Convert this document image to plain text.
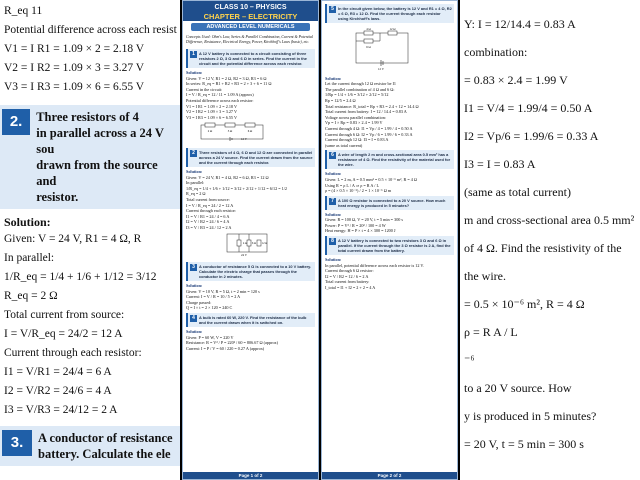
R_eq 11
Potential difference across each resist
V1 = I R1 = 1.09 × 2 = 2.18 V
V2 = I R2 = 1.09 × 3 = 3.27 V
V3 = I R3 = 1.09 × 6 = 6.55 V
2.	Three resistors of 4
in parallel across a 24 V sou
drawn from the source and
resistor.
Solution:
Given: V = 24 V, R1 = 4 Ω, R
In parallel:
1/R_eq = 1/4 + 1/6 + 1/12 = 3/12
R_eq = 2 Ω
Total current from source:
I = V/R_eq = 24/2 = 12 A
Current through each resistor:
I1 = V/R1 = 24/4 = 6 A
I2 = V/R2 = 24/6 = 4 A
I3 = V/R3 = 24/12 = 2 A
3.	A conductor of resistance
battery. Calculate the ele
CLASS 10 – PHYSICS
CHAPTER – ELECTRICITY
ADVANCED LEVEL NUMERICALS
Concepts Used: Ohm's Law, Series & Parallel Combination, Current & Potential Difference, Resistance, Electrical Energy, Power, Kirchhoff's Laws (basic), etc.
1	A 12 V battery is connected to a circuit consisting of three resistors 2 Ω, 3 Ω and 6 Ω in series. Find the current in the circuit and the potential difference across each resistor.
Solution:
Given: V = 12 V, R1 = 2 Ω, R2 = 3 Ω, R3 = 6 Ω
In series: R_eq = R1 + R2 + R3 = 2 + 3 + 6 = 11 Ω
Current in the circuit:
I = V / R_eq = 12 / 11 = 1.09 A (approx)
Potential difference across each resistor:
V1 = I R1 = 1.09 × 2 = 2.18 V
V2 = I R2 = 1.09 × 3 = 3.27 V
V3 = I R3 = 1.09 × 6 = 6.55 V
2 Ω	3 Ω	6 Ω
12 V
2	Three resistors of 4 Ω, 6 Ω and 12 Ω are connected in parallel across a 24 V source. Find the current drawn from the source and the current through each resistor.
Solution:
Given: V = 24 V, R1 = 4 Ω, R2 = 6 Ω, R3 = 12 Ω
In parallel:
1/R_eq = 1/4 + 1/6 + 1/12 = 3/12 + 2/12 + 1/12 = 6/12 = 1/2
R_eq = 2 Ω
Total current from source:
I = V / R_eq = 24 / 2 = 12 A
Current through each resistor:
I1 = V / R1 = 24 / 4 = 6 A
I2 = V / R2 = 24 / 6 = 4 A
I3 = V / R3 = 24 / 12 = 2 A
4 Ω 6 Ω 12 Ω
24 V
3	A conductor of resistance 5 Ω is connected to a 10 V battery. Calculate the electric charge that passes through the conductor in 2 minutes.
Solution:
Given: V = 10 V, R = 5 Ω, t = 2 min = 120 s
Current: I = V / R = 10 / 5 = 2 A
Charge passed:
Q = I × t = 2 × 120 = 240 C
4	A bulb is rated 60 W, 220 V. Find the resistance of the bulb and the current drawn when it is switched on.
Solution:
Given: P = 60 W, V = 220 V
Resistance: R = V² / P = 220² / 60 = 806.67 Ω (approx)
Current: I = P / V = 60 / 220 = 0.27 A (approx)
Page 1 of 2
5	In the circuit given below, the battery is 12 V and R1 = 4 Ω, R2 = 6 Ω, R3 = 12 Ω. Find the current through each resistor using Kirchhoff's laws.
4 Ω
6 Ω
12 Ω
12 V
Solution:
Let the current through 12 Ω resistor be I1
The parallel combination of 4 Ω and 6 Ω:
1/Rp = 1/4 + 1/6 = 3/12 + 2/12 = 5/12
Rp = 12/5 = 2.4 Ω
Total resistance: R_total = Rp + R3 = 2.4 + 12 = 14.4 Ω
Total current from battery: I = 12 / 14.4 = 0.83 A
Voltage across parallel combination:
Vp = I × Rp = 0.83 × 2.4 = 1.99 V
Current through 4 Ω: I1 = Vp / 4 = 1.99 / 4 = 0.50 A
Current through 6 Ω: I2 = Vp / 6 = 1.99 / 6 = 0.33 A
Current through 12 Ω: I3 = I = 0.83 A
(same as total current)
6	A wire of length 2 m and cross-sectional area 0.5 mm² has a resistance of 4 Ω. Find the resistivity of the material used for the wire.
Solution:
Given: L = 2 m, A = 0.5 mm² = 0.5 × 10⁻⁶ m², R = 4 Ω
Using R = ρ L / A ⇒ ρ = R A / L
ρ = (4 × 0.5 × 10⁻⁶) / 2 = 1 × 10⁻⁶ Ω m
7	A 100 Ω resistor is connected to a 20 V source. How much heat energy is produced in 5 minutes?
Solution:
Given: R = 100 Ω, V = 20 V, t = 5 min = 300 s
Power: P = V² / R = 20² / 100 = 4 W
Heat energy: H = P × t = 4 × 300 = 1200 J
8	A 12 V battery is connected to two resistors 3 Ω and 6 Ω in parallel. If the current through the 3 Ω resistor is 2 A, find the total current drawn from the battery.
Solution:
In parallel, potential difference across each resistor is 12 V.
Current through 6 Ω resistor:
I2 = V / R2 = 12 / 6 = 2 A
Total current from battery:
I_total = I1 + I2 = 2 + 2 = 4 A
Page 2 of 2
Y: I = 12/14.4 = 0.83 A
combination:
= 0.83 × 2.4 = 1.99 V
I1 = V/4 = 1.99/4 = 0.50 A
I2 = Vp/6 = 1.99/6 = 0.33 A
I3 = I = 0.83 A
(same as total current)
m and cross-sectional area 0.5 mm²
of 4 Ω. Find the resistivity of the
the wire.
= 0.5 × 10⁻⁶ m², R = 4 Ω
ρ = R A / L
⁻⁶
to a 20 V source. How
y is produced in 5 minutes?
= 20 V, t = 5 min = 300 s
